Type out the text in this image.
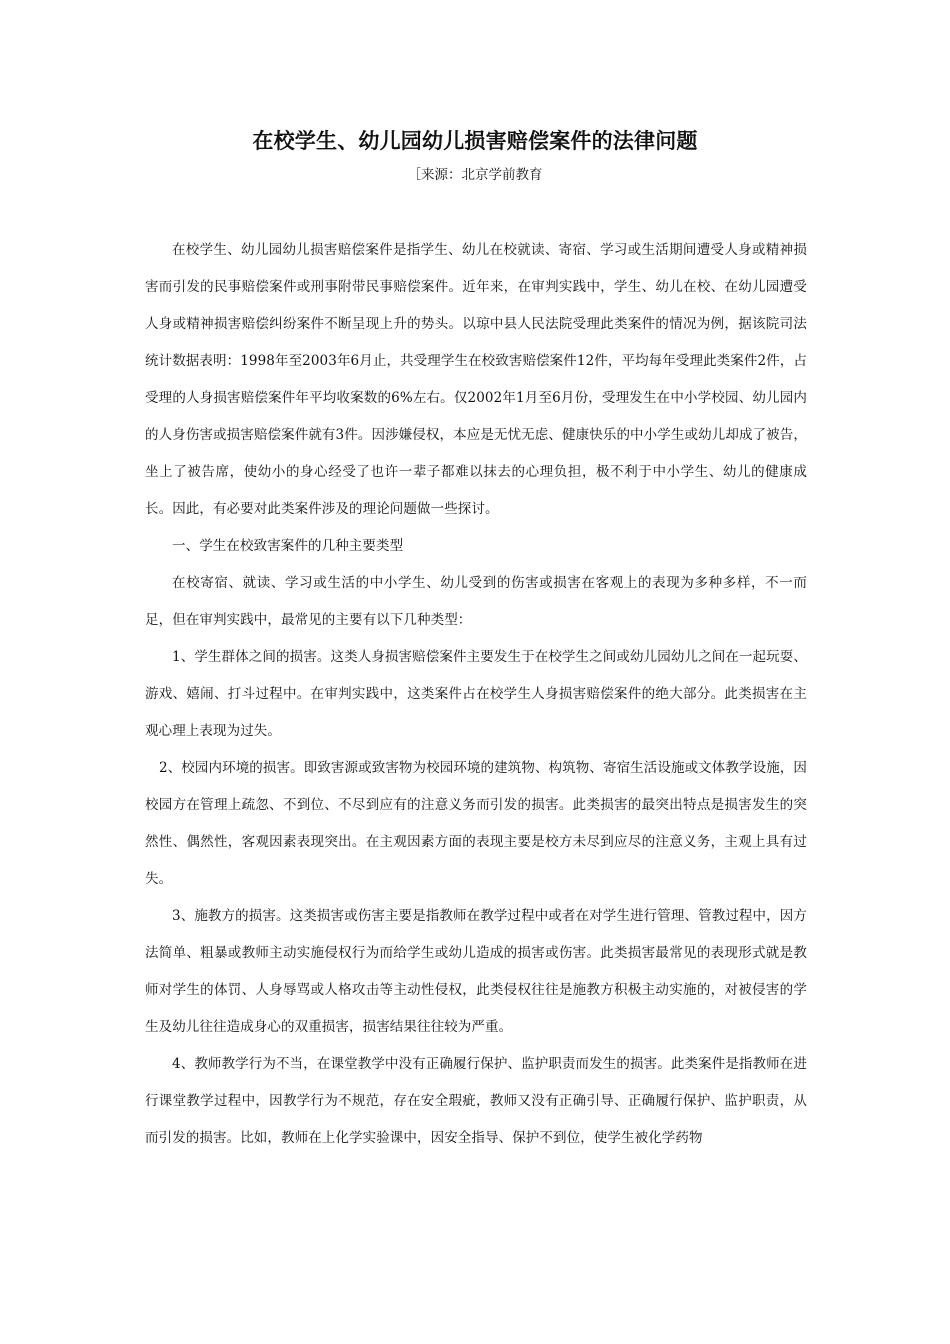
在校学生、幼儿园幼儿损害赔偿案件的法律问题
［来源：北京学前教育

在校学生、幼儿园幼儿损害赔偿案件是指学生、幼儿在校就读、寄宿、学习或生活期间遭受人身或精神损害而引发的民事赔偿案件或刑事附带民事赔偿案件。近年来，在审判实践中，学生、幼儿在校、在幼儿园遭受人身或精神损害赔偿纠纷案件不断呈现上升的势头。以琼中县人民法院受理此类案件的情况为例，据该院司法统计数据表明：1998年至2003年6月止，共受理学生在校致害赔偿案件12件，平均每年受理此类案件2件，占受理的人身损害赔偿案件年平均收案数的6%左右。仅2002年1月至6月份，受理发生在中小学校园、幼儿园内的人身伤害或损害赔偿案件就有3件。因涉嫌侵权，本应是无忧无虑、健康快乐的中小学生或幼儿却成了被告，坐上了被告席，使幼小的身心经受了也许一辈子都难以抹去的心理负担，极不利于中小学生、幼儿的健康成长。因此，有必要对此类案件涉及的理论问题做一些探讨。

一、学生在校致害案件的几种主要类型

在校寄宿、就读、学习或生活的中小学生、幼儿受到的伤害或损害在客观上的表现为多种多样，不一而足，但在审判实践中，最常见的主要有以下几种类型：

1、学生群体之间的损害。这类人身损害赔偿案件主要发生于在校学生之间或幼儿园幼儿之间在一起玩耍、游戏、嬉闹、打斗过程中。在审判实践中，这类案件占在校学生人身损害赔偿案件的绝大部分。此类损害在主观心理上表现为过失。

2、校园内环境的损害。即致害源或致害物为校园环境的建筑物、构筑物、寄宿生活设施或文体教学设施，因校园方在管理上疏忽、不到位、不尽到应有的注意义务而引发的损害。此类损害的最突出特点是损害发生的突然性、偶然性，客观因素表现突出。在主观因素方面的表现主要是校方未尽到应尽的注意义务，主观上具有过失。

3、施教方的损害。这类损害或伤害主要是指教师在教学过程中或者在对学生进行管理、管教过程中，因方法简单、粗暴或教师主动实施侵权行为而给学生或幼儿造成的损害或伤害。此类损害最常见的表现形式就是教师对学生的体罚、人身辱骂或人格攻击等主动性侵权，此类侵权往往是施教方积极主动实施的，对被侵害的学生及幼儿往往造成身心的双重损害，损害结果往往较为严重。

4、教师教学行为不当，在课堂教学中没有正确履行保护、监护职责而发生的损害。此类案件是指教师在进行课堂教学过程中，因教学行为不规范，存在安全瑕疵，教师又没有正确引导、正确履行保护、监护职责，从而引发的损害。比如，教师在上化学实验课中，因安全指导、保护不到位，使学生被化学药物
